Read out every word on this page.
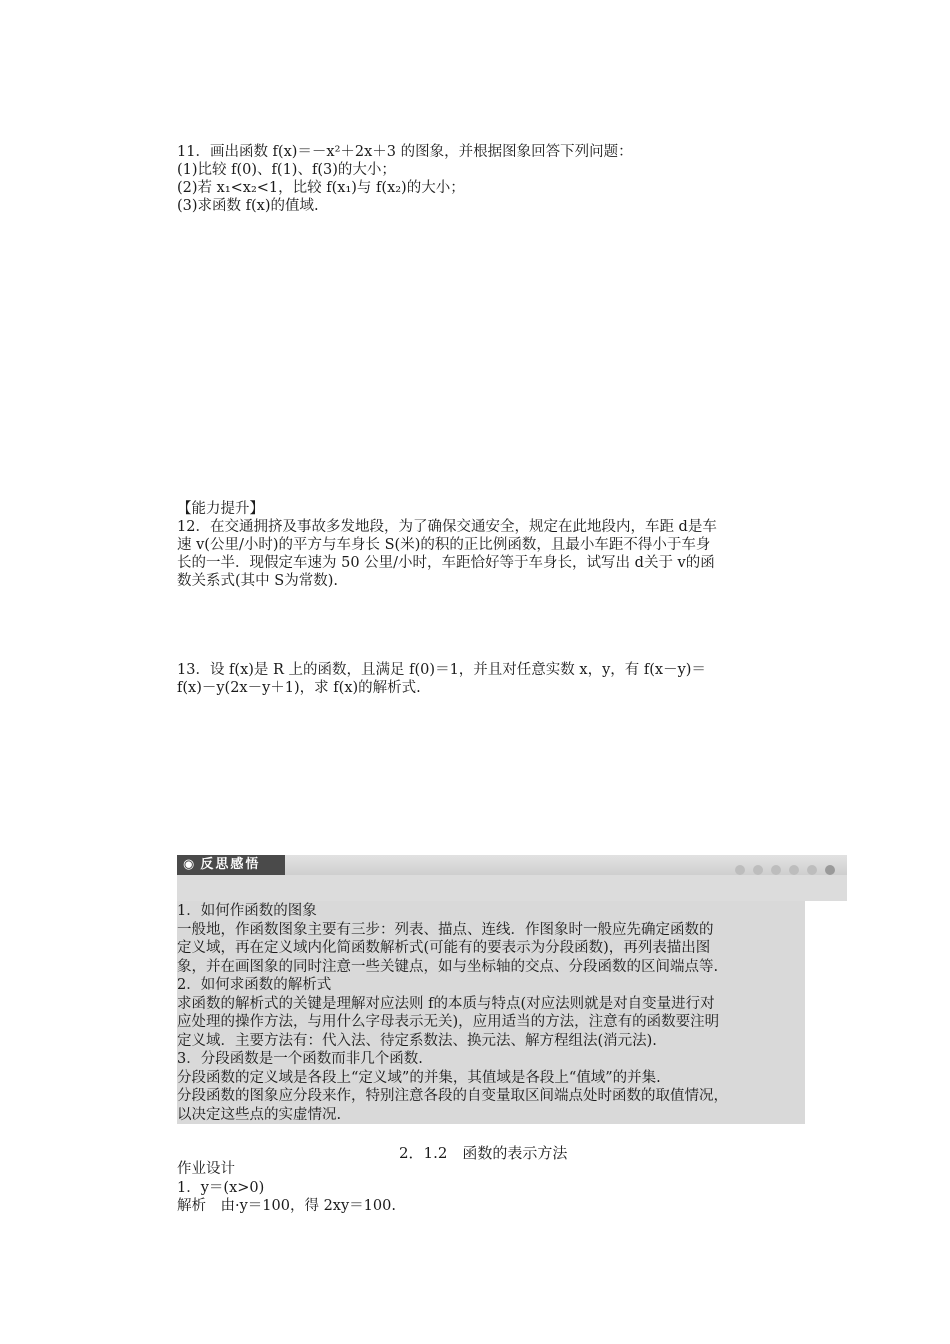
11．画出函数 f(x)＝－x²＋2x＋3 的图象，并根据图象回答下列问题：
(1)比较 f(0)、f(1)、f(3)的大小；
(2)若 x₁<x₂<1，比较 f(x₁)与 f(x₂)的大小；
(3)求函数 f(x)的值域.
【能力提升】
12．在交通拥挤及事故多发地段，为了确保交通安全，规定在此地段内，车距 d是车
速 v(公里/小时)的平方与车身长 S(米)的积的正比例函数，且最小车距不得小于车身
长的一半．现假定车速为 50 公里/小时，车距恰好等于车身长，试写出 d关于 v的函
数关系式(其中 S为常数).
13．设 f(x)是 R 上的函数，且满足 f(0)＝1，并且对任意实数 x，y，有 f(x－y)＝
f(x)－y(2x－y＋1)，求 f(x)的解析式.
◉ 反思感悟
1．如何作函数的图象
一般地，作函数图象主要有三步：列表、描点、连线．作图象时一般应先确定函数的
定义域，再在定义域内化简函数解析式(可能有的要表示为分段函数)，再列表描出图
象，并在画图象的同时注意一些关键点，如与坐标轴的交点、分段函数的区间端点等.
2．如何求函数的解析式
求函数的解析式的关键是理解对应法则 f的本质与特点(对应法则就是对自变量进行对
应处理的操作方法，与用什么字母表示无关)，应用适当的方法，注意有的函数要注明
定义域．主要方法有：代入法、待定系数法、换元法、解方程组法(消元法).
3．分段函数是一个函数而非几个函数.
分段函数的定义域是各段上“定义域”的并集，其值域是各段上“值域”的并集.
分段函数的图象应分段来作，特别注意各段的自变量取区间端点处时函数的取值情况，
以决定这些点的实虚情况.
2．1.2　函数的表示方法
作业设计
1．y＝(x>0)
解析　由·y＝100，得 2xy＝100.
